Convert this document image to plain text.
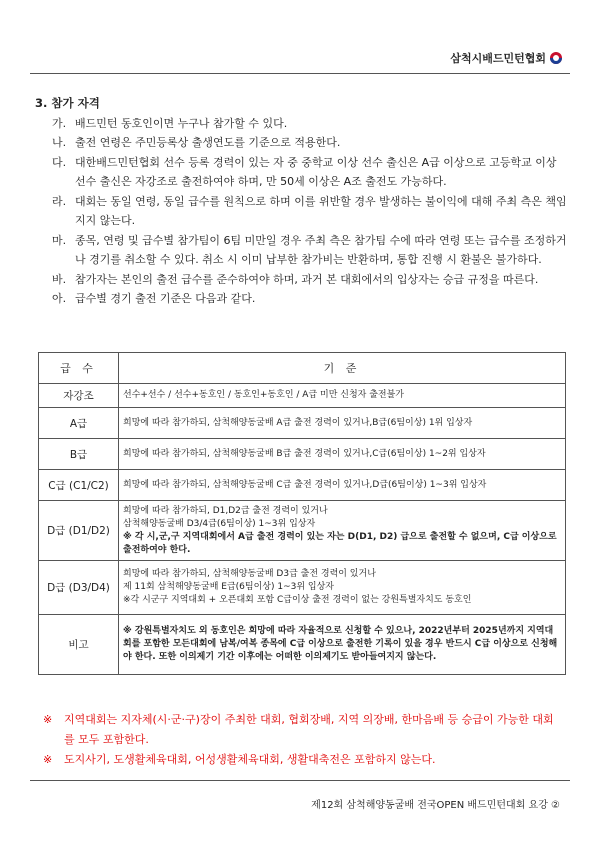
삼척시배드민턴협회
3. 참가 자격
가. 배드민턴 동호인이면 누구나 참가할 수 있다.
나. 출전 연령은 주민등록상 출생연도를 기준으로 적용한다.
다. 대한배드민턴협회 선수 등록 경력이 있는 자 중 중학교 이상 선수 출신은 A급 이상으로 고등학교 이상 선수 출신은 자강조로 출전하여야 하며, 만 50세 이상은 A조 출전도 가능하다.
라. 대회는 동일 연령, 동일 급수를 원칙으로 하며 이를 위반할 경우 발생하는 불이익에 대해 주최 측은 책임지지 않는다.
마. 종목, 연령 및 급수별 참가팀이 6팀 미만일 경우 주최 측은 참가팀 수에 따라 연령 또는 급수를 조정하거나 경기를 취소할 수 있다. 취소 시 이미 납부한 참가비는 반환하며, 통합 진행 시 환불은 불가하다.
바. 참가자는 본인의 출전 급수를 준수하여야 하며, 과거 본 대회에서의 입상자는 승급 규정을 따른다.
아. 급수별 경기 출전 기준은 다음과 같다.
급 수	기 준
자강조	선수+선수 / 선수+동호인 / 동호인+동호인 / A급 미만 신청자 출전불가

A급	희망에 따라 참가하되, 삼척해양동굴배 A급 출전 경력이 있거나,B급(6팀이상) 1위 입상자

B급	희망에 따라 참가하되, 삼척해양동굴배 B급 출전 경력이 있거나,C급(6팀이상) 1~2위 입상자

C급 (C1/C2)	희망에 따라 참가하되, 삼척해양동굴배 C급 출전 경력이 있거나,D급(6팀이상) 1~3위 입상자

D급 (D1/D2)	희망에 따라 참가하되, D1,D2급 출전 경력이 있거나
삼척해양동굴배 D3/4급(6팀이상) 1~3위 입상자
※ 각 시,군,구 지역대회에서 A급 출전 경력이 있는 자는 D(D1, D2) 급으로 출전할 수 없으며, C급 이상으로 출전하여야 한다.

D급 (D3/D4)	희망에 따라 참가하되, 삼척해양동굴배 D3급 출전 경력이 있거나
제 11회 삼척해양동굴배 E급(6팀이상) 1~3위 입상자
※각 시군구 지역대회 + 오픈대회 포함 C급이상 출전 경력이 없는 강원특별자치도 동호인

비고	※ 강원특별자치도 외 동호인은 희망에 따라 자율적으로 신청할 수 있으나, 2022년부터 2025년까지 지역대회를 포함한 모든대회에 남복/여복 종목에 C급 이상으로 출전한 기록이 있을 경우 반드시 C급 이상으로 신청해야 한다. 또한 이의제기 기간 이후에는 어떠한 이의제기도 받아들여지지 않는다.
※ 지역대회는 지자체(시·군·구)장이 주최한 대회, 협회장배, 지역 의장배, 한마음배 등 승급이 가능한 대회를 모두 포함한다.
※ 도지사기, 도생활체육대회, 어성생활체육대회, 생활대축전은 포함하지 않는다.
제12회 삼척해양동굴배 전국OPEN 배드민턴대회 요강 ②
